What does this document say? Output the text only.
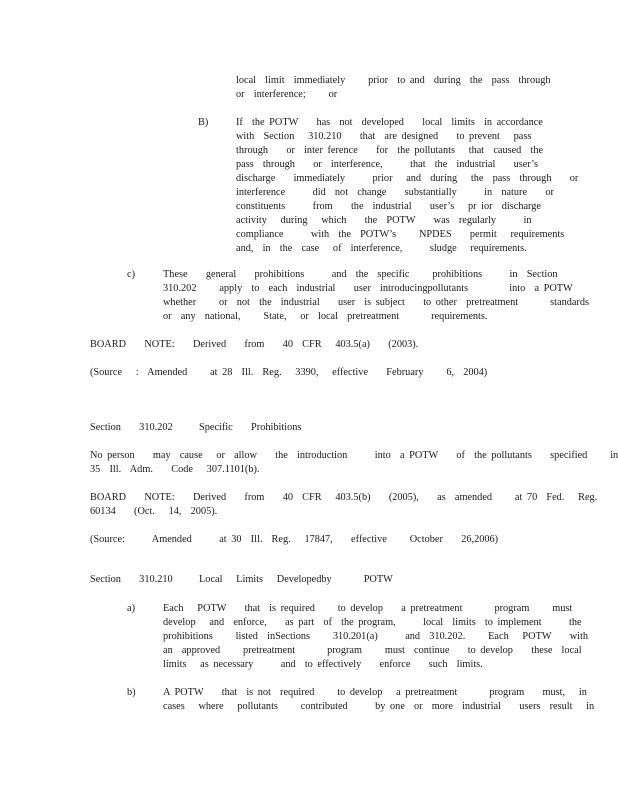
local  limit  immediately     prior  to and  during  the  pass  through
or  interference;     or
B)	If  the POTW    has  not  developed    local  limits  in accordance
with  Section   310.210    that  are designed    to prevent   pass
through    or  inter ference    for  the pollutants   that  caused  the
pass  through    or  interference,      that  the  industrial    user’s
discharge    immediately      prior   and  during   the  pass  through    or
interference      did  not  change    substantially      in  nature    or
constituents      from    the  industrial    user’s   pr ior  discharge
activity   during   which    the  POTW    was  regularly      in
compliance      with  the  POTW’s     NPDES    permit   requirements
and,  in  the  case   of  interference,      sludge   requirements.
c)	These    general    prohibitions      and  the  specific     prohibitions      in  Section
310.202     apply  to  each  industrial    user  introducingpollutants         into  a POTW
whether     or  not  the  industrial    user  is subject    to other  pretreatment       standards
or  any  national,     State,   or  local  pretreatment       requirements.
BOARD    NOTE:    Derived    from    40  CFR   403.5(a)    (2003).
(Source   :  Amended     at 28  Ill.  Reg.   3390,   effective    February     6,  2004)
Section    310.202	Specific    Prohibitions
No person    may  cause   or  allow    the  introduction      into  a POTW    of  the pollutants    specified     in
35  Ill.  Adm.    Code   307.1101(b).
BOARD    NOTE:    Derived    from    40  CFR   403.5(b)    (2005),    as  amended     at 70  Fed.   Reg.
60134    (Oct.   14,  2005).
(Source:      Amended      at 30  Ill.  Reg.   17847,    effective     October    26,2006)
Section    310.210	Local   Limits   Developedby       POTW
a)	Each   POTW    that  is required     to develop    a pretreatment       program     must
develop   and  enforce,    as part  of  the program,      local  limits  to implement      the
prohibitions     listed  inSections     310.201(a)      and  310.202.     Each   POTW    with
an  approved     pretreatment       program     must  continue    to develop    these  local
limits   as necessary      and  to effectively    enforce    such  limits.
b)	A POTW    that  is not  required     to develop   a pretreatment       program    must,   in
cases   where   pollutants     contributed      by one  or  more  industrial    users  result   in
